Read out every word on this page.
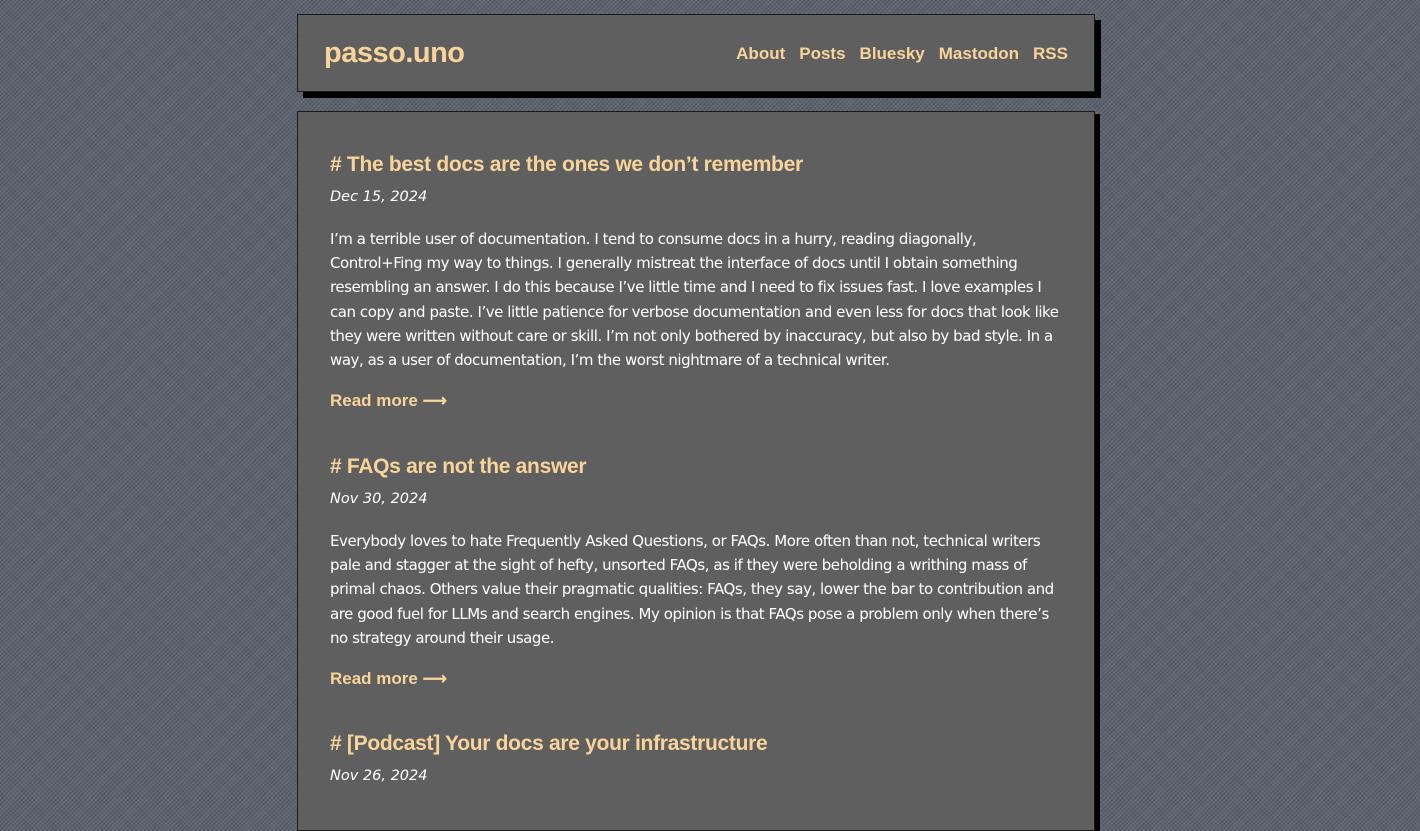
passo.uno	About Posts Bluesky Mastodon RSS
# The best docs are the ones we don’t remember
Dec 15, 2024
I’m a terrible user of documentation. I tend to consume docs in a hurry, reading diagonally, Control+Fing my way to things. I generally mistreat the interface of docs until I obtain something resembling an answer. I do this because I’ve little time and I need to fix issues fast. I love examples I can copy and paste. I’ve little patience for verbose documentation and even less for docs that look like they were written without care or skill. I’m not only bothered by inaccuracy, but also by bad style. In a way, as a user of documentation, I’m the worst nightmare of a technical writer.
Read more ⟶
# FAQs are not the answer
Nov 30, 2024
Everybody loves to hate Frequently Asked Questions, or FAQs. More often than not, technical writers pale and stagger at the sight of hefty, unsorted FAQs, as if they were beholding a writhing mass of primal chaos. Others value their pragmatic qualities: FAQs, they say, lower the bar to contribution and are good fuel for LLMs and search engines. My opinion is that FAQs pose a problem only when there’s no strategy around their usage.
Read more ⟶
# [Podcast] Your docs are your infrastructure
Nov 26, 2024
